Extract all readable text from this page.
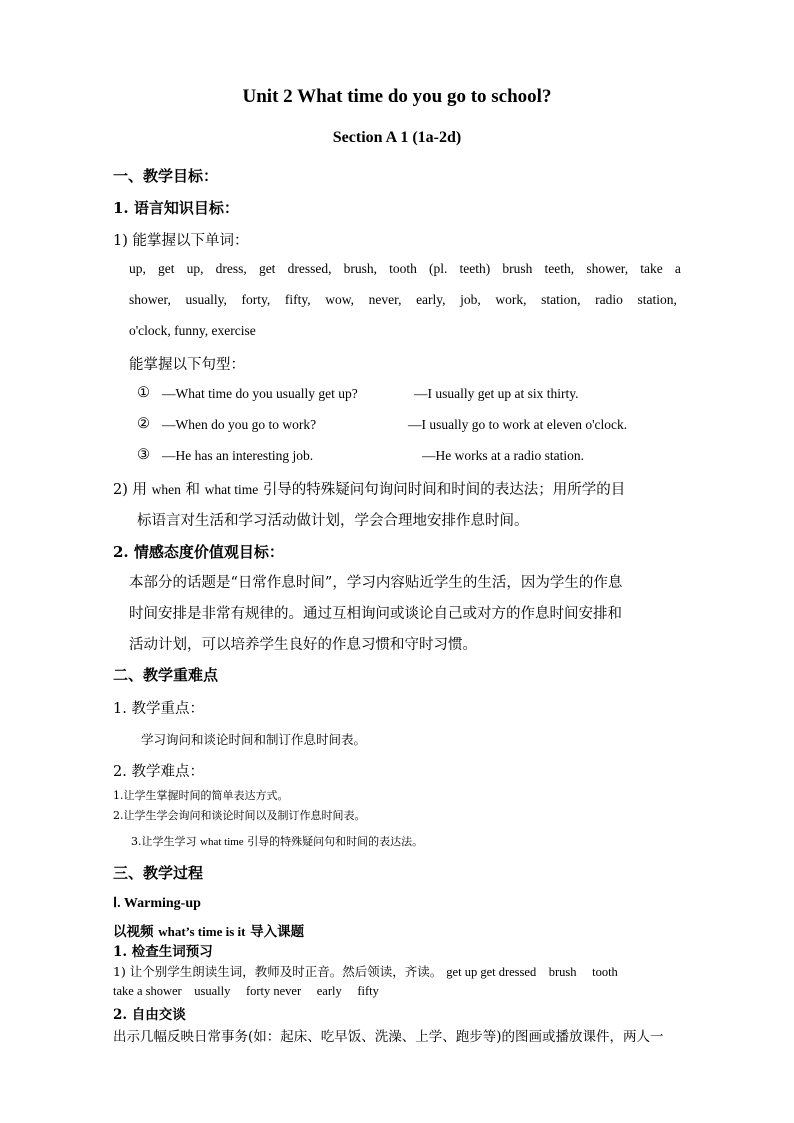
Unit 2 What time do you go to school?
Section A 1 (1a-2d)
一、教学目标：
1. 语言知识目标：
1) 能掌握以下单词：
up, get up, dress, get dressed, brush, tooth (pl. teeth) brush teeth, shower, take a
shower, usually, forty, fifty, wow, never, early, job, work, station, radio station,
o'clock, funny, exercise
能掌握以下句型：
① —What time do you usually get up?	—I usually get up at six thirty.
② —When do you go to work?	—I usually go to work at eleven o'clock.
③ —He has an interesting job.	—He works at a radio station.
2) 用 when 和 what time 引导的特殊疑问句询问时间和时间的表达法；用所学的目
标语言对生活和学习活动做计划，学会合理地安排作息时间。
2. 情感态度价值观目标：
本部分的话题是“日常作息时间”，学习内容贴近学生的生活，因为学生的作息
时间安排是非常有规律的。通过互相询问或谈论自己或对方的作息时间安排和
活动计划，可以培养学生良好的作息习惯和守时习惯。
二、教学重难点
1. 教学重点：
学习询问和谈论时间和制订作息时间表。
2. 教学难点：
1.让学生掌握时间的简单表达方式。
2.让学生学会询问和谈论时间以及制订作息时间表。
3.让学生学习 what time 引导的特殊疑问句和时间的表达法。
三、教学过程
Ⅰ. Warming-up
以视频 what’s time is it 导入课题
1. 检查生词预习
1) 让个别学生朗读生词，教师及时正音。然后领读，齐读。 get up get dressed    brush     tooth
take a shower    usually     forty never     early     fifty
2. 自由交谈
出示几幅反映日常事务(如：起床、吃早饭、洗澡、上学、跑步等)的图画或播放课件，两人一
